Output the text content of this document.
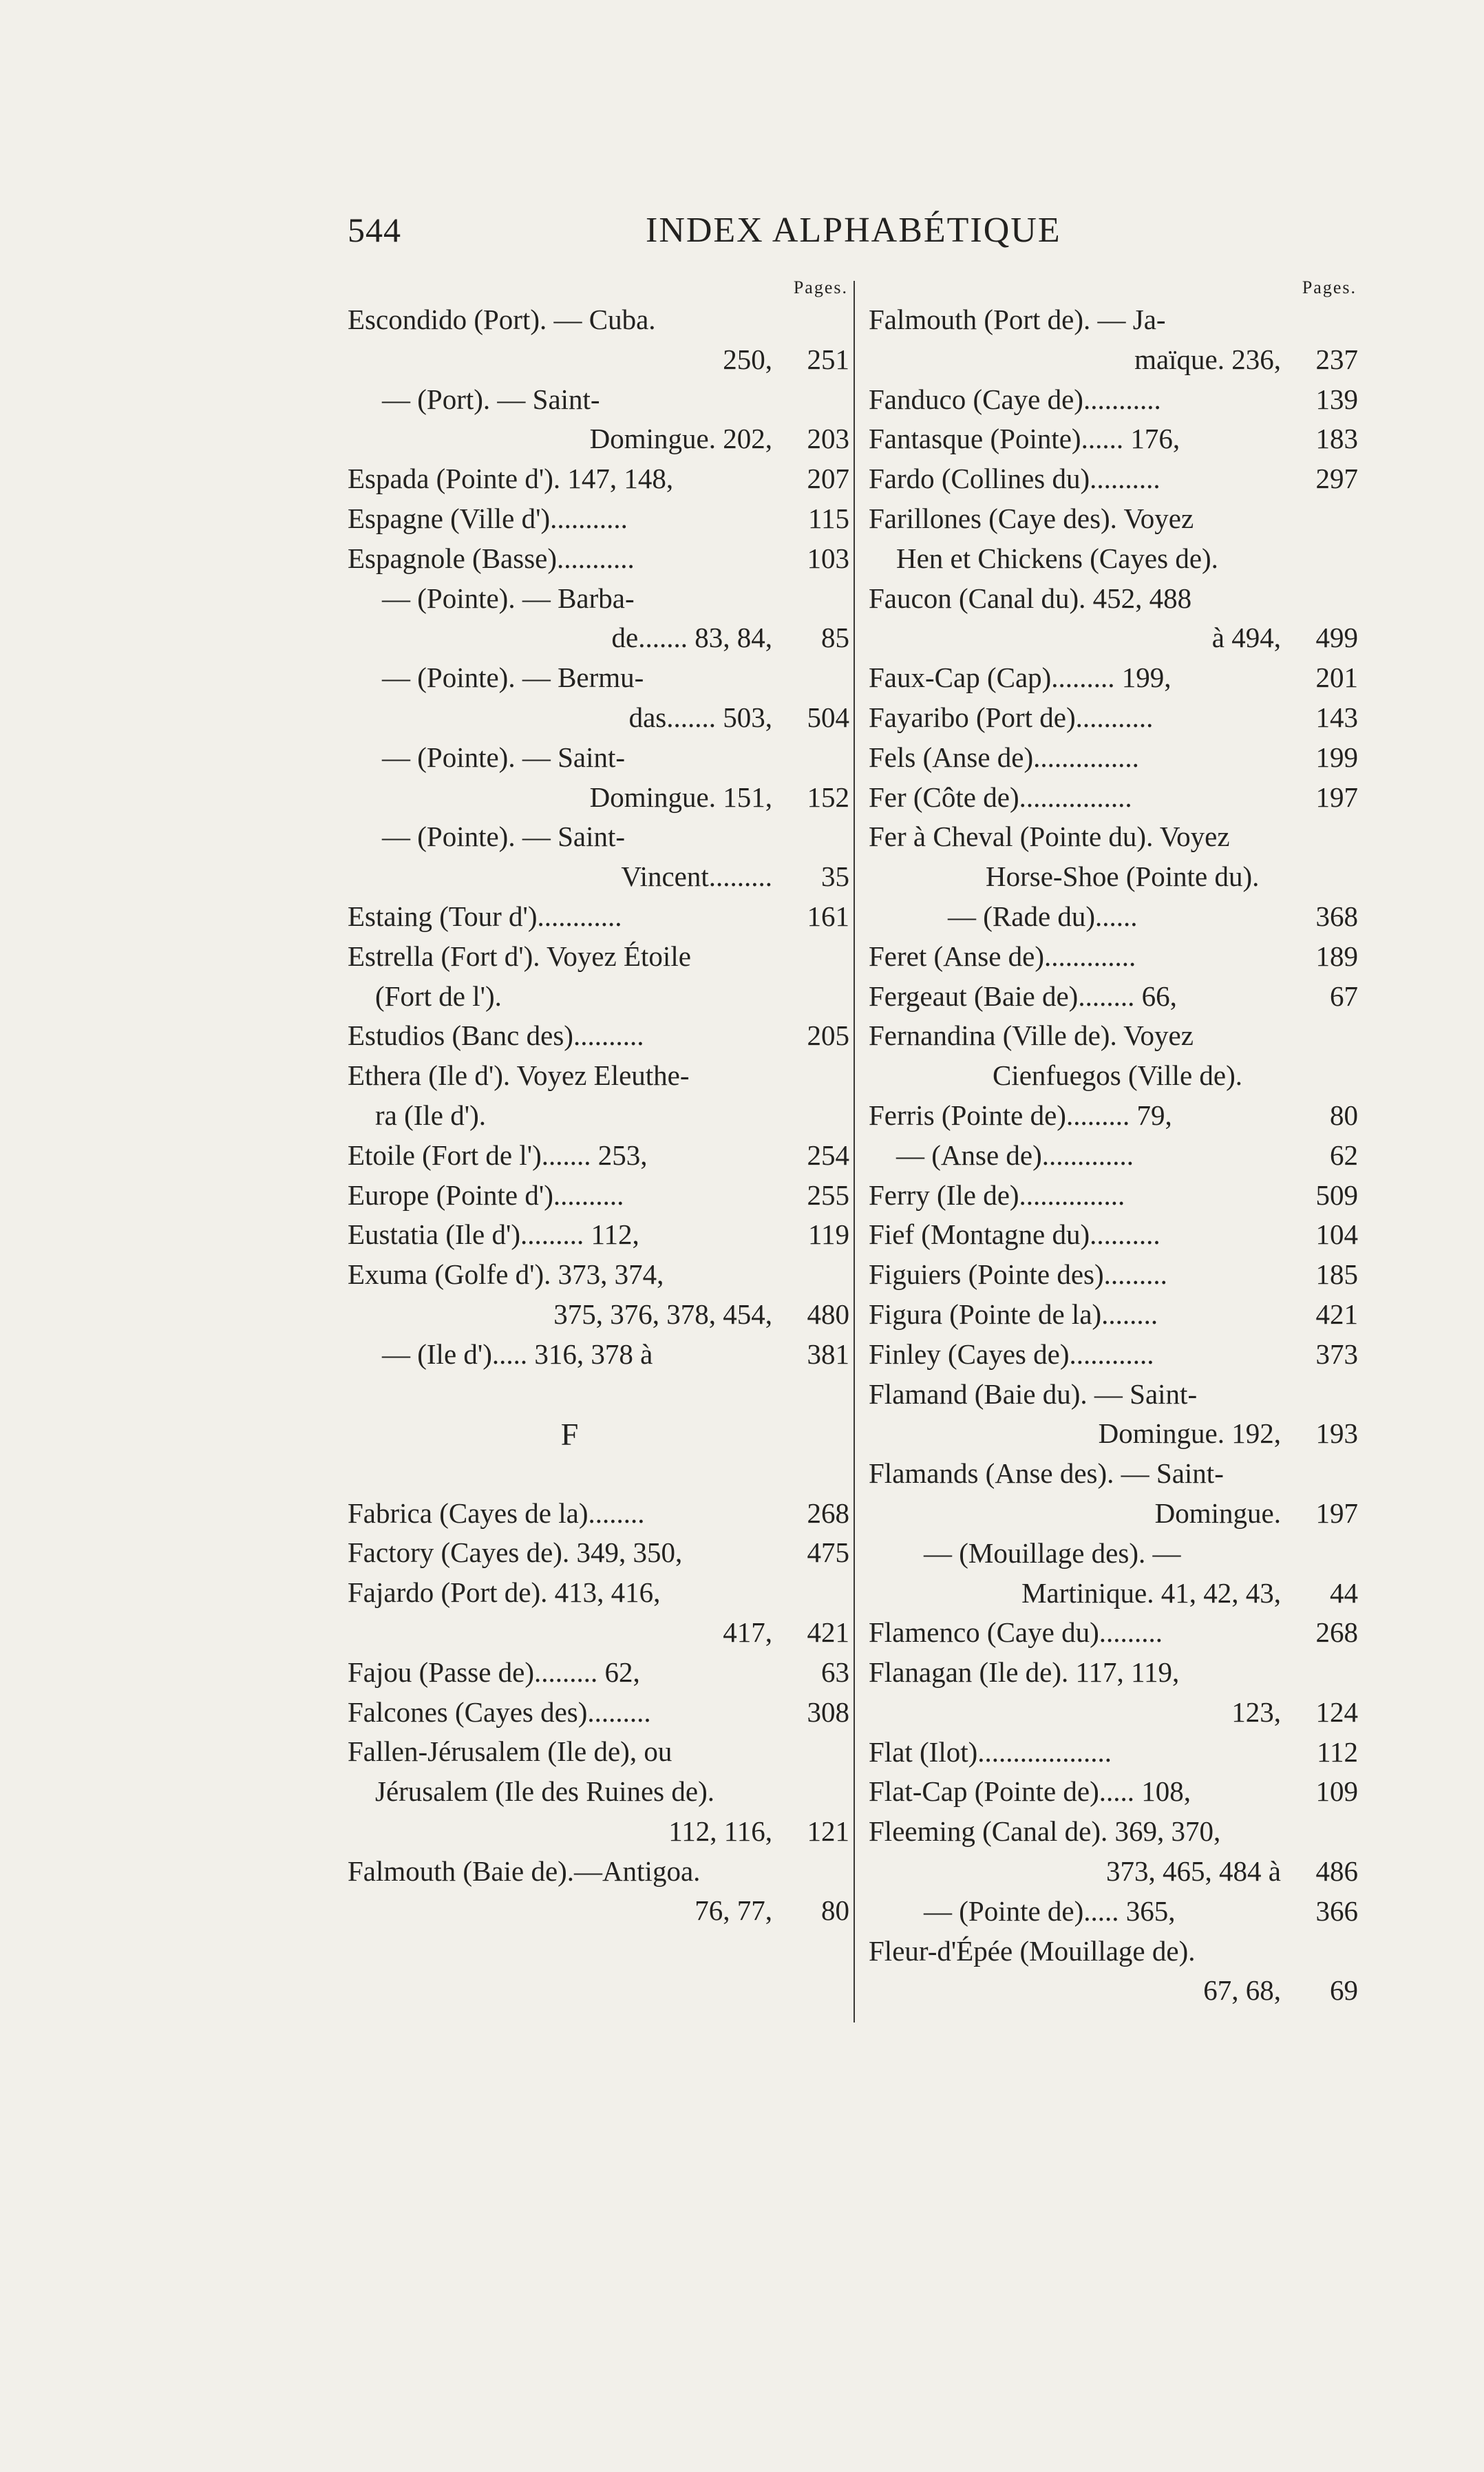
544	INDEX ALPHABÉTIQUE
Pages.
Escondido (Port). — Cuba.
250,	251
— (Port). — Saint-
Domingue. 202,	203
Espada (Pointe d'). 147, 148,	207
Espagne (Ville d')...........	115
Espagnole (Basse)...........	103
— (Pointe). — Barba-
de....... 83, 84,	85
— (Pointe). — Bermu-
das....... 503,	504
— (Pointe). — Saint-
Domingue. 151,	152
— (Pointe). — Saint-
Vincent.........	35
Estaing (Tour d')............	161
Estrella (Fort d'). Voyez Étoile
(Fort de l').
Estudios (Banc des)..........	205
Ethera (Ile d'). Voyez Eleuthe-
ra (Ile d').
Etoile (Fort de l')....... 253,	254
Europe (Pointe d')..........	255
Eustatia (Ile d')......... 112,	119
Exuma (Golfe d'). 373, 374,
375, 376, 378, 454,	480
— (Ile d')..... 316, 378 à	381
F
Fabrica (Cayes de la)........	268
Factory (Cayes de). 349, 350,	475
Fajardo (Port de). 413, 416,
417,	421
Fajou (Passe de)......... 62,	63
Falcones (Cayes des).........	308
Fallen-Jérusalem (Ile de), ou
Jérusalem (Ile des Ruines de).
112, 116,	121
Falmouth (Baie de).—Antigoa.
76, 77,	80
Pages.
Falmouth (Port de). — Ja-
maïque. 236,	237
Fanduco (Caye de)...........	139
Fantasque (Pointe)...... 176,	183
Fardo (Collines du)..........	297
Farillones (Caye des). Voyez
Hen et Chickens (Cayes de).
Faucon (Canal du). 452, 488
à 494,	499
Faux-Cap (Cap)......... 199,	201
Fayaribo (Port de)...........	143
Fels (Anse de)...............	199
Fer (Côte de)................	197
Fer à Cheval (Pointe du). Voyez
Horse-Shoe (Pointe du).
— (Rade du)......	368
Feret (Anse de).............	189
Fergeaut (Baie de)........ 66,	67
Fernandina (Ville de). Voyez
Cienfuegos (Ville de).
Ferris (Pointe de)......... 79,	80
— (Anse de).............	62
Ferry (Ile de)...............	509
Fief (Montagne du)..........	104
Figuiers (Pointe des).........	185
Figura (Pointe de la)........	421
Finley (Cayes de)............	373
Flamand (Baie du). — Saint-
Domingue. 192,	193
Flamands (Anse des). — Saint-
Domingue.	197
— (Mouillage des). —
Martinique. 41, 42, 43,	44
Flamenco (Caye du).........	268
Flanagan (Ile de). 117, 119,
123,	124
Flat (Ilot)...................	112
Flat-Cap (Pointe de)..... 108,	109
Fleeming (Canal de). 369, 370,
373, 465, 484 à	486
— (Pointe de)..... 365,	366
Fleur-d'Épée (Mouillage de).
67, 68,	69
